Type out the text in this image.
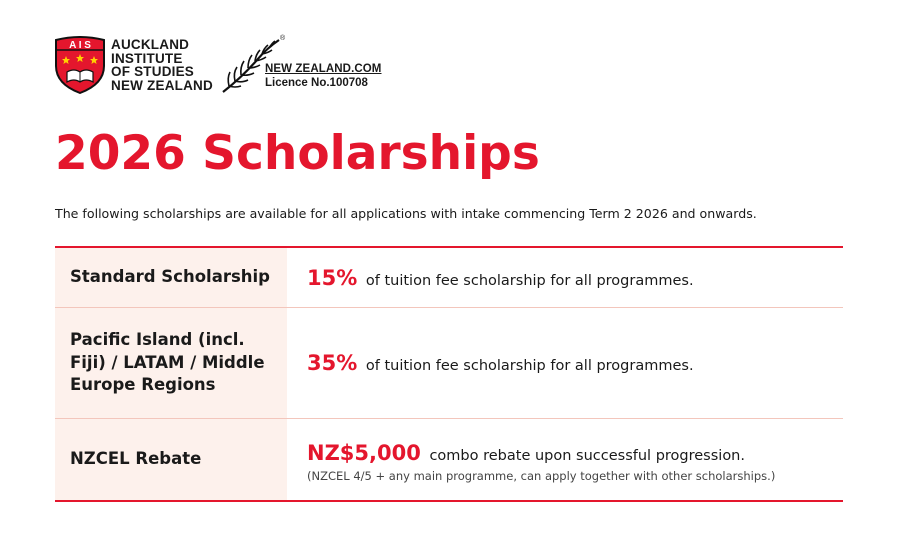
A I S AUCKLAND
INSTITUTE
OF STUDIES
NEW ZEALAND
®
NEW ZEALAND.COM
Licence No.100708
2026 Scholarships
The following scholarships are available for all applications with intake commencing Term 2 2026 and onwards.
Standard Scholarship	15% of tuition fee scholarship for all programmes.
Pacific Island (incl. Fiji) / LATAM / Middle Europe Regions
35% of tuition fee scholarship for all programmes.
NZCEL Rebate	NZ$5,000 combo rebate upon successful progression.
(NZCEL 4/5 + any main programme, can apply together with other scholarships.)
